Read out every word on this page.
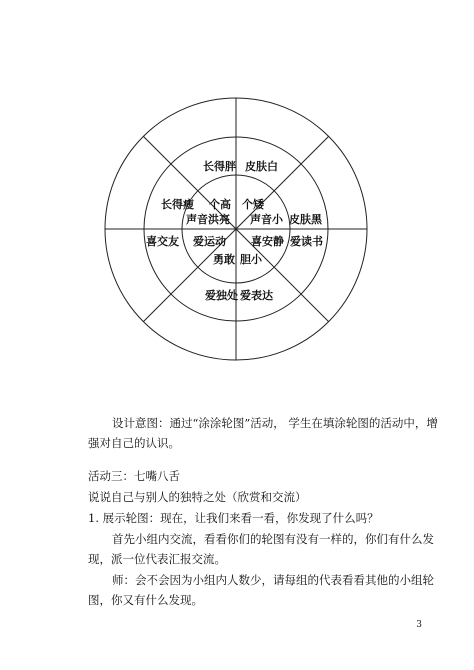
长得胖 皮肤白
长得瘦 个高 个矮
声音洪亮 声音小 皮肤黑
喜交友 爱运动 喜安静 爱读书
勇敢 胆小
爱独处 爱表达

设计意图：通过“涂涂轮图”活动， 学生在填涂轮图的活动中，增强对自己的认识。

活动三：七嘴八舌

说说自己与别人的独特之处（欣赏和交流）

1. 展示轮图：现在，让我们来看一看，你发现了什么吗？

首先小组内交流，看看你们的轮图有没有一样的，你们有什么发现，派一位代表汇报交流。

师：会不会因为小组内人数少，请每组的代表看看其他的小组轮图，你又有什么发现。

3
